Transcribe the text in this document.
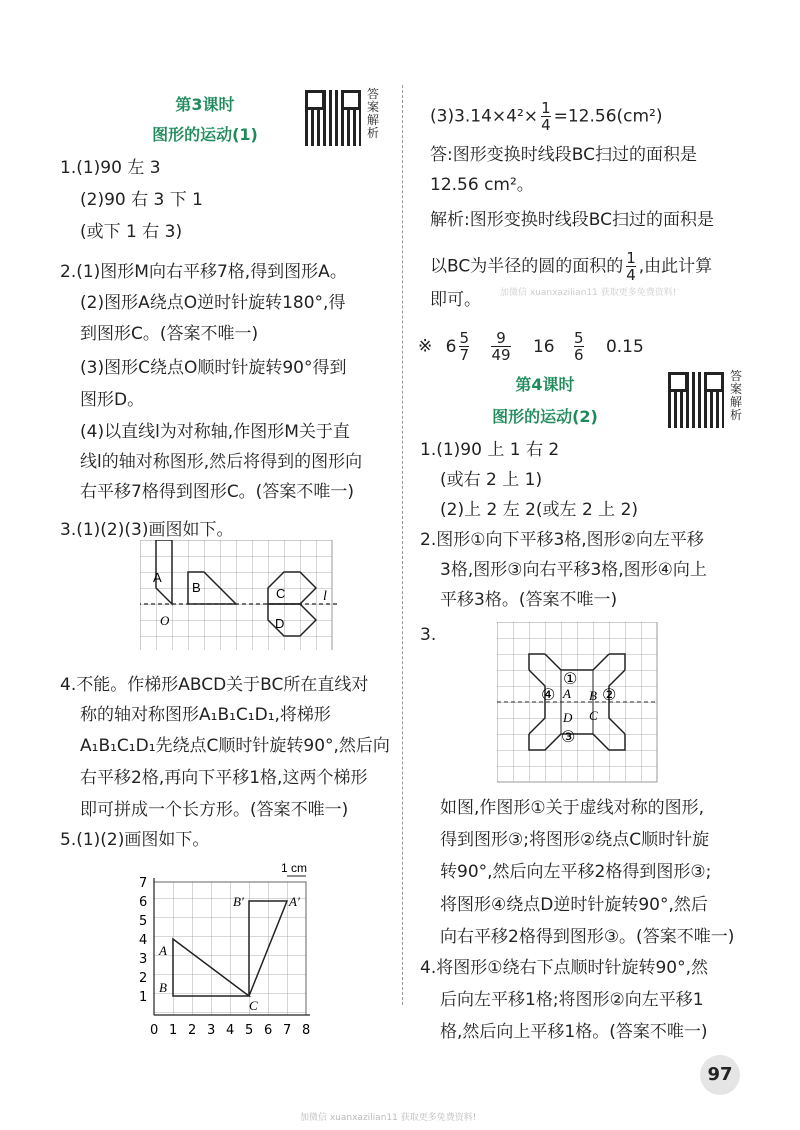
第3课时
图形的运动(1)
答案解析
1.(1)90 左 3
(2)90 右 3 下 1
(或下 1 右 3)
2.(1)图形M向右平移7格,得到图形A。
(2)图形A绕点O逆时针旋转180°,得
到图形C。(答案不唯一)
(3)图形C绕点O顺时针旋转90°得到
图形D。
(4)以直线l为对称轴,作图形M关于直
线l的轴对称图形,然后将得到的图形向
右平移7格得到图形C。(答案不唯一)
3.(1)(2)(3)画图如下。
4.不能。作梯形ABCD关于BC所在直线对
称的轴对称图形A₁B₁C₁D₁,将梯形
A₁B₁C₁D₁先绕点C顺时针旋转90°,然后向
右平移2格,再向下平移1格,这两个梯形
即可拼成一个长方形。(答案不唯一)
5.(1)(2)画图如下。
A
B	C
D
O
l
1 cm
1
2
3
4
5
6
7
0 1 2 3 4 5 6 7 8
A
B
C
B′	A′
$(3)3.14\times 4^2\times \frac{1}{4} =12.56(cm^2)$
答:图形变换时线段BC扫过的面积是
12.56 cm²。
解析:图形变换时线段BC扫过的面积是
以BC为半径的圆的面积的 $\frac{1}{4}$ ,由此计算
即可。 加微信 xuanxazilian11 获取更多免费资料!
※ $6 \frac{5}{7}$
$\frac{9}{49} 16 \frac{5}{6} 0.15$
第4课时
图形的运动(2)
答案解析
1.(1)90 上 1 右 2
(或右 2 上 1)
(2)上 2 左 2(或左 2 上 2)
2.图形①向下平移3格,图形②向左平移
3格,图形③向右平移3格,图形④向上
平移3格。(答案不唯一)
3.
如图,作图形①关于虚线对称的图形,
得到图形③;将图形②绕点C顺时针旋
转90°,然后向左平移2格得到图形③;
将图形④绕点D逆时针旋转90°,然后
向右平移2格得到图形③。(答案不唯一)
4.将图形①绕右下点顺时针旋转90°,然
后向左平移1格;将图形②向左平移1
格,然后向上平移1格。(答案不唯一)
①
④ A B ②
D C
③
97
加微信 xuanxazilian11 获取更多免费资料!
